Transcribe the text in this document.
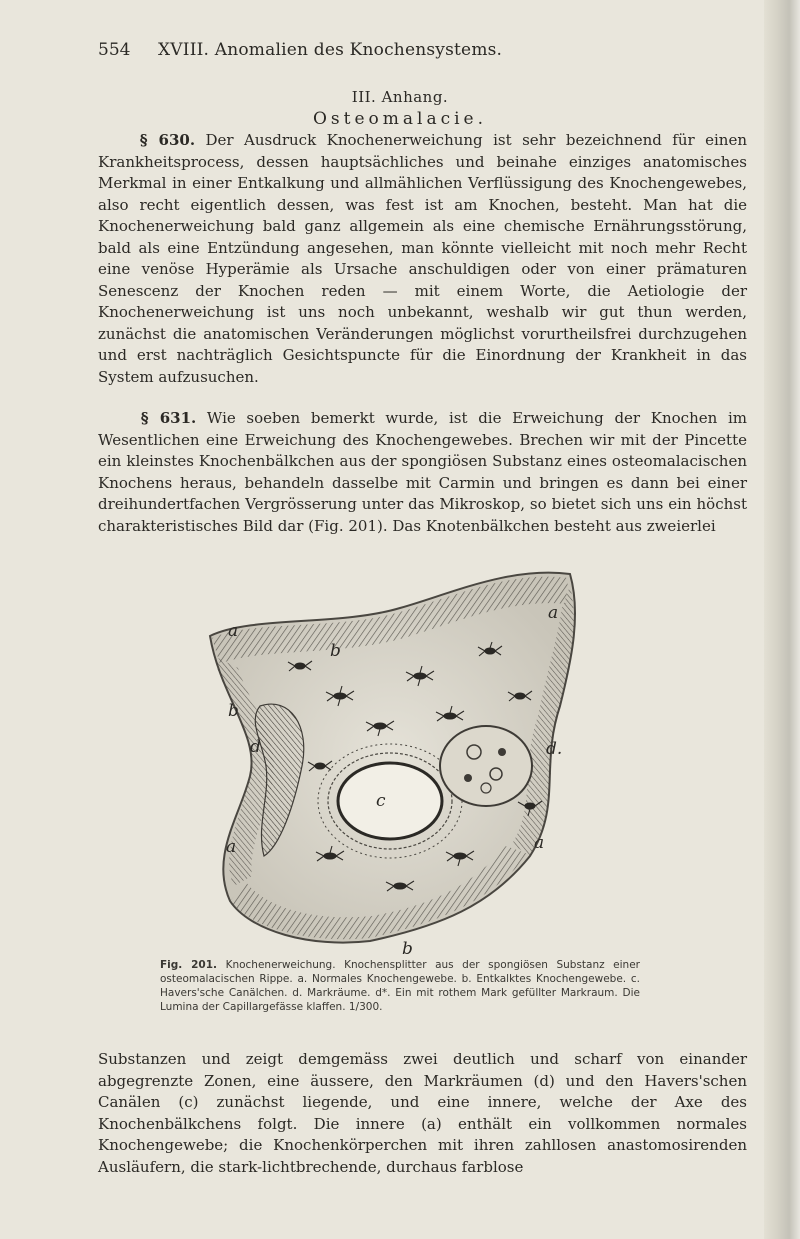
554 XVIII. Anomalien des Knochensystems.
III. Anhang.
Osteomalacie.

§ 630. Der Ausdruck Knochenerweichung ist sehr bezeichnend für einen Krankheitsprocess, dessen hauptsächliches und beinahe einziges anatomisches Merkmal in einer Entkalkung und allmählichen Verflüssigung des Knochengewebes, also recht eigentlich dessen, was fest ist am Knochen, besteht. Man hat die Knochenerweichung bald ganz allgemein als eine chemische Ernährungsstörung, bald als eine Entzündung angesehen, man könnte vielleicht mit noch mehr Recht eine venöse Hyperämie als Ursache anschuldigen oder von einer prämaturen Senescenz der Knochen reden — mit einem Worte, die Aetiologie der Knochenerweichung ist uns noch unbekannt, weshalb wir gut thun werden, zunächst die anatomischen Veränderungen möglichst vorurtheilsfrei durchzugehen und erst nachträglich Gesichtspuncte für die Einordnung der Krankheit in das System aufzusuchen.

§ 631. Wie soeben bemerkt wurde, ist die Erweichung der Knochen im Wesentlichen eine Erweichung des Knochengewebes. Brechen wir mit der Pincette ein kleinstes Knochenbälkchen aus der spongiösen Substanz eines osteomalacischen Knochens heraus, behandeln dasselbe mit Carmin und bringen es dann bei einer dreihundertfachen Vergrösserung unter das Mikroskop, so bietet sich uns ein höchst charakteristisches Bild dar (Fig. 201). Das Knotenbälkchen besteht aus zweierlei

a
a
a	a
b
b
b
c
d	d.
Fig. 201. Knochenerweichung. Knochensplitter aus der spongiösen Substanz einer osteomalacischen Rippe. a. Normales Knochengewebe. b. Entkalktes Knochengewebe. c. Havers'sche Canälchen. d. Markräume. d*. Ein mit rothem Mark gefüllter Markraum. Die Lumina der Capillargefässe klaffen. 1/300.

Substanzen und zeigt demgemäss zwei deutlich und scharf von einander abgegrenzte Zonen, eine äussere, den Markräumen (d) und den Havers'schen Canälen (c) zunächst liegende, und eine innere, welche der Axe des Knochenbälkchens folgt. Die innere (a) enthält ein vollkommen normales Knochengewebe; die Knochenkörperchen mit ihren zahllosen anastomosirenden Ausläufern, die stark-lichtbrechende, durchaus farblose
